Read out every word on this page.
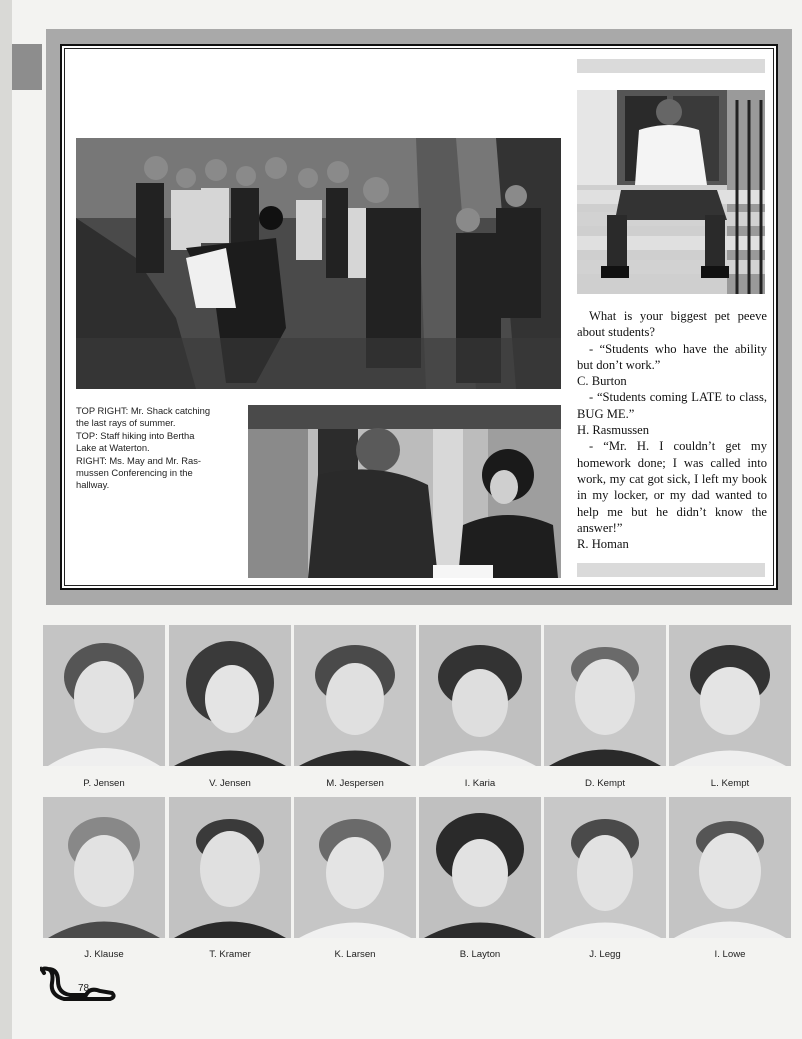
TOP RIGHT: Mr. Shack catching
the last rays of summer.
TOP: Staff hiking into Bertha
Lake at Waterton.
RIGHT: Ms. May and Mr. Ras-
mussen Conferencing in the
hallway.

What is your biggest pet peeve about students?

- “Students who have the ability but don’t work.”

C. Burton

- “Students coming LATE to class, BUG ME.”

H. Rasmussen

- “Mr. H. I couldn’t get my homework done; I was called into work, my cat got sick, I left my book in my locker, or my dad wanted to help me but he didn’t know the answer!”

R. Homan

P. Jensen	V. Jensen	M. Jespersen	I. Karia	D. Kempt	L. Kempt
J. Klause	T. Kramer	K. Larsen	B. Layton	J. Legg	I. Lowe
78
